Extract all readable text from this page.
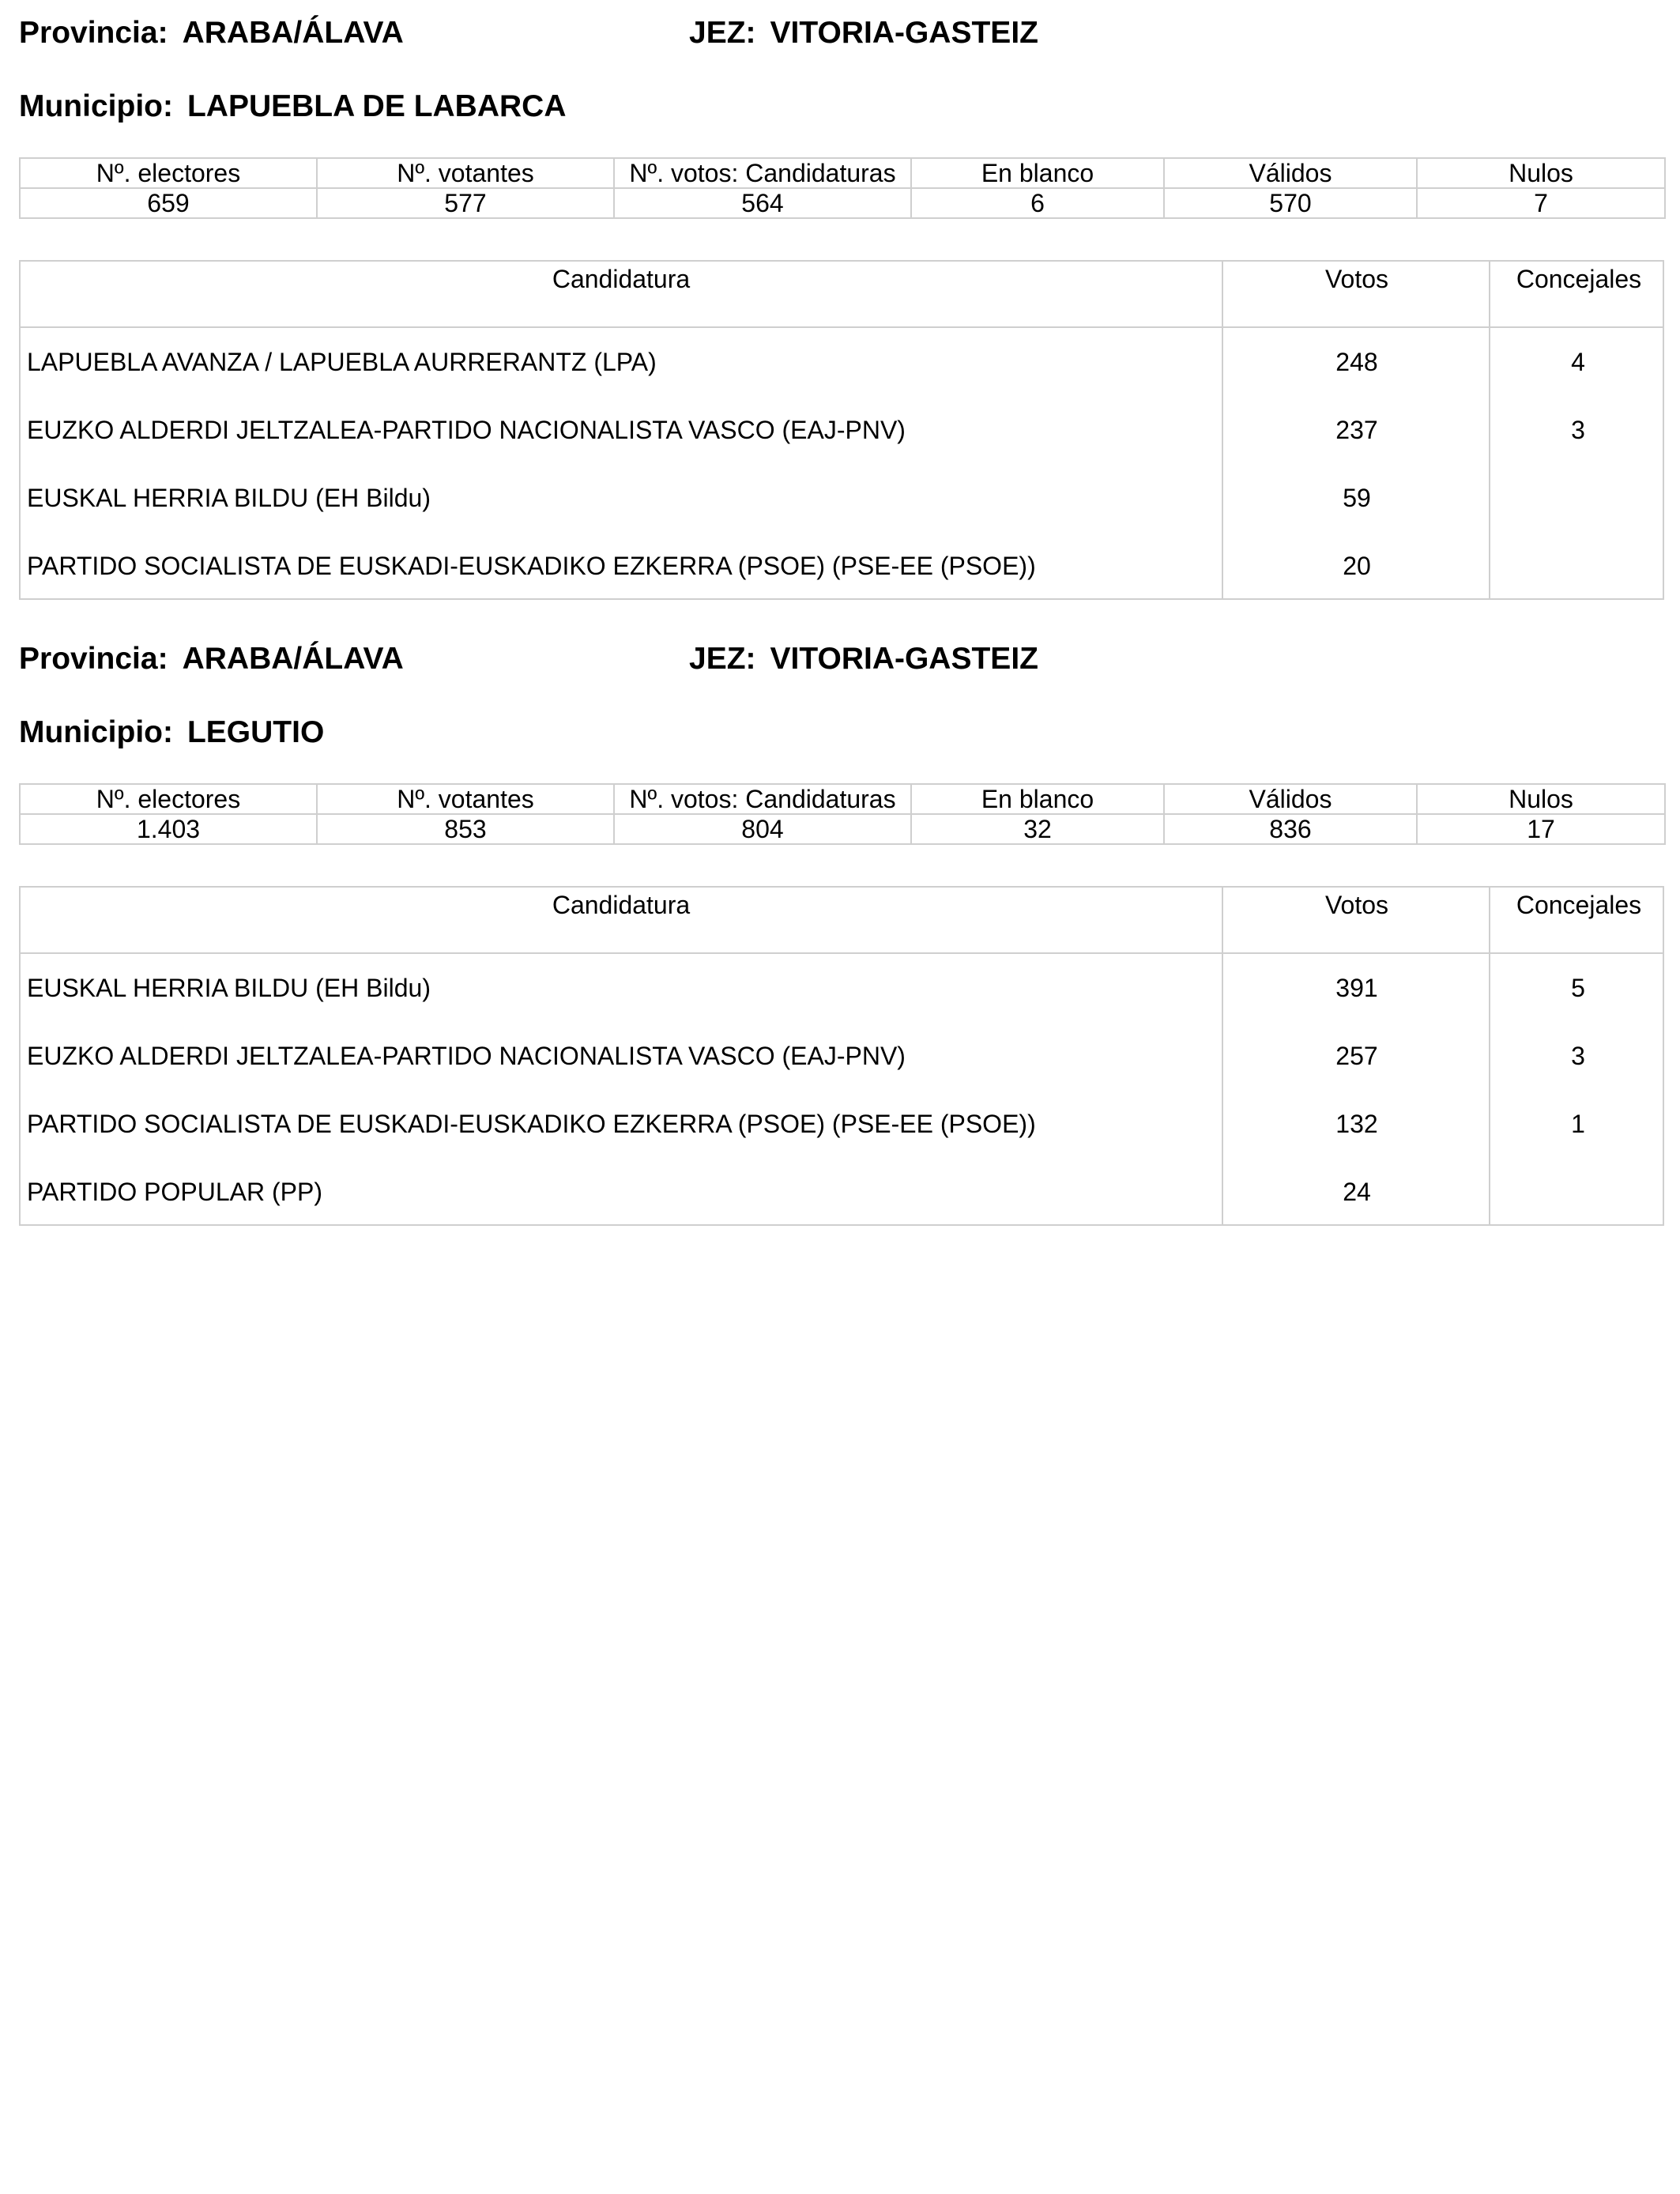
Provincia: ARABA/ÁLAVA	JEZ: VITORIA-GASTEIZ
Municipio: LAPUEBLA DE LABARCA
Nº. electores	Nº. votantes	Nº. votos: Candidaturas	En blanco	Válidos	Nulos
659	577	564	6	570	7
Candidatura	Votos	Concejales
LAPUEBLA AVANZA / LAPUEBLA AURRERANTZ (LPA)	248	4
EUZKO ALDERDI JELTZALEA-PARTIDO NACIONALISTA VASCO (EAJ-PNV)	237	3
EUSKAL HERRIA BILDU (EH Bildu)	59
PARTIDO SOCIALISTA DE EUSKADI-EUSKADIKO EZKERRA (PSOE) (PSE-EE (PSOE))	20
Provincia: ARABA/ÁLAVA	JEZ: VITORIA-GASTEIZ
Municipio: LEGUTIO
Nº. electores	Nº. votantes	Nº. votos: Candidaturas	En blanco	Válidos	Nulos
1.403	853	804	32	836	17
Candidatura	Votos	Concejales
EUSKAL HERRIA BILDU (EH Bildu)	391	5
EUZKO ALDERDI JELTZALEA-PARTIDO NACIONALISTA VASCO (EAJ-PNV)	257	3
PARTIDO SOCIALISTA DE EUSKADI-EUSKADIKO EZKERRA (PSOE) (PSE-EE (PSOE))	132	1
PARTIDO POPULAR (PP)	24
